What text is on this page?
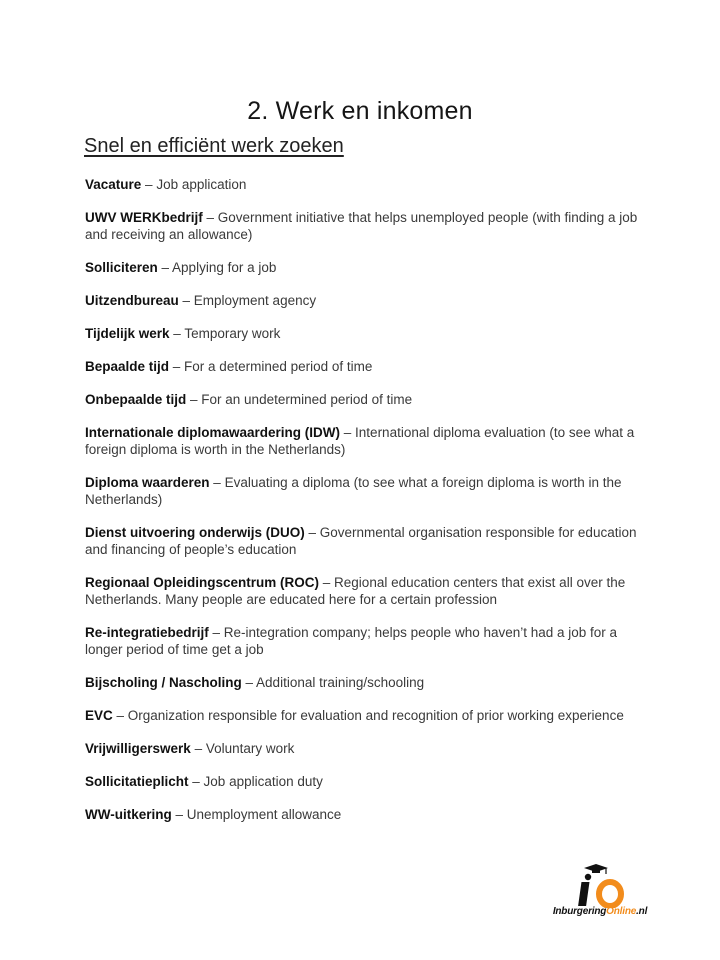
2. Werk en inkomen
Snel en efficiënt werk zoeken

Vacature – Job application

UWV WERKbedrijf – Government initiative that helps unemployed people (with finding a job and receiving an allowance)

Solliciteren – Applying for a job

Uitzendbureau – Employment agency

Tijdelijk werk – Temporary work

Bepaalde tijd – For a determined period of time

Onbepaalde tijd – For an undetermined period of time

Internationale diplomawaardering (IDW) – International diploma evaluation (to see what a foreign diploma is worth in the Netherlands)

Diploma waarderen – Evaluating a diploma (to see what a foreign diploma is worth in the Netherlands)

Dienst uitvoering onderwijs (DUO) – Governmental organisation responsible for education and financing of people’s education

Regionaal Opleidingscentrum (ROC) – Regional education centers that exist all over the Netherlands. Many people are educated here for a certain profession

Re-integratiebedrijf – Re-integration company; helps people who haven’t had a job for a longer period of time get a job

Bijscholing / Nascholing – Additional training/schooling

EVC – Organization responsible for evaluation and recognition of prior working experience

Vrijwilligerswerk – Voluntary work

Sollicitatieplicht – Job application duty

WW-uitkering – Unemployment allowance

InburgeringOnline.nl
